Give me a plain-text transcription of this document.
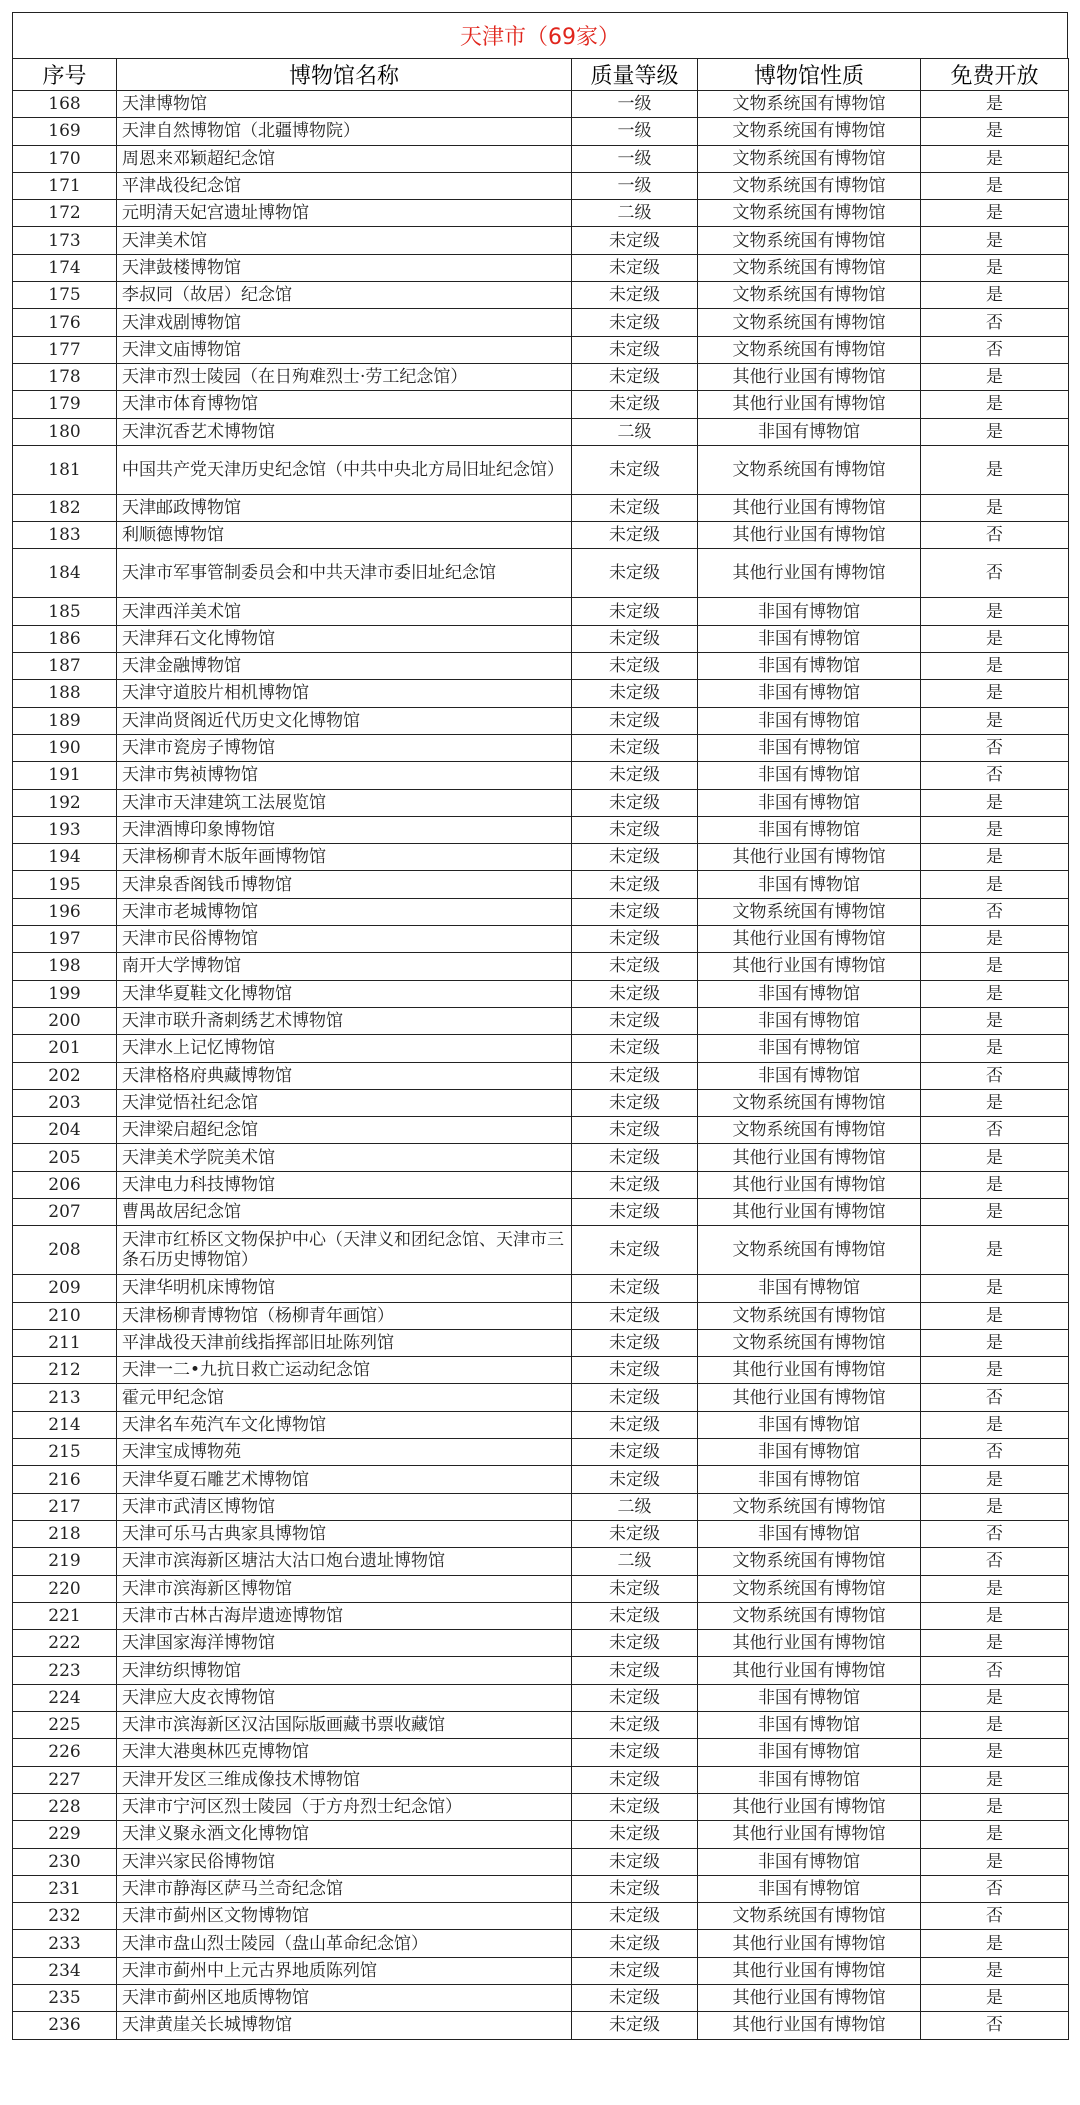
天津市（69家）
序号	博物馆名称	质量等级	博物馆性质	免费开放
168	天津博物馆	一级	文物系统国有博物馆	是
169	天津自然博物馆（北疆博物院）	一级	文物系统国有博物馆	是
170	周恩来邓颖超纪念馆	一级	文物系统国有博物馆	是
171	平津战役纪念馆	一级	文物系统国有博物馆	是
172	元明清天妃宫遗址博物馆	二级	文物系统国有博物馆	是
173	天津美术馆	未定级	文物系统国有博物馆	是
174	天津鼓楼博物馆	未定级	文物系统国有博物馆	是
175	李叔同（故居）纪念馆	未定级	文物系统国有博物馆	是
176	天津戏剧博物馆	未定级	文物系统国有博物馆	否
177	天津文庙博物馆	未定级	文物系统国有博物馆	否
178	天津市烈士陵园（在日殉难烈士·劳工纪念馆）	未定级	其他行业国有博物馆	是
179	天津市体育博物馆	未定级	其他行业国有博物馆	是
180	天津沉香艺术博物馆	二级	非国有博物馆	是
181	中国共产党天津历史纪念馆（中共中央北方局旧址纪念馆）	未定级	文物系统国有博物馆	是
182	天津邮政博物馆	未定级	其他行业国有博物馆	是
183	利顺德博物馆	未定级	其他行业国有博物馆	否
184	天津市军事管制委员会和中共天津市委旧址纪念馆	未定级	其他行业国有博物馆	否
185	天津西洋美术馆	未定级	非国有博物馆	是
186	天津拜石文化博物馆	未定级	非国有博物馆	是
187	天津金融博物馆	未定级	非国有博物馆	是
188	天津守道胶片相机博物馆	未定级	非国有博物馆	是
189	天津尚贤阁近代历史文化博物馆	未定级	非国有博物馆	是
190	天津市瓷房子博物馆	未定级	非国有博物馆	否
191	天津市隽祯博物馆	未定级	非国有博物馆	否
192	天津市天津建筑工法展览馆	未定级	非国有博物馆	是
193	天津酒博印象博物馆	未定级	非国有博物馆	是
194	天津杨柳青木版年画博物馆	未定级	其他行业国有博物馆	是
195	天津泉香阁钱币博物馆	未定级	非国有博物馆	是
196	天津市老城博物馆	未定级	文物系统国有博物馆	否
197	天津市民俗博物馆	未定级	其他行业国有博物馆	是
198	南开大学博物馆	未定级	其他行业国有博物馆	是
199	天津华夏鞋文化博物馆	未定级	非国有博物馆	是
200	天津市联升斋刺绣艺术博物馆	未定级	非国有博物馆	是
201	天津水上记忆博物馆	未定级	非国有博物馆	是
202	天津格格府典藏博物馆	未定级	非国有博物馆	否
203	天津觉悟社纪念馆	未定级	文物系统国有博物馆	是
204	天津梁启超纪念馆	未定级	文物系统国有博物馆	否
205	天津美术学院美术馆	未定级	其他行业国有博物馆	是
206	天津电力科技博物馆	未定级	其他行业国有博物馆	是
207	曹禺故居纪念馆	未定级	其他行业国有博物馆	是
208	天津市红桥区文物保护中心（天津义和团纪念馆、天津市三条石历史博物馆）	未定级	文物系统国有博物馆	是
209	天津华明机床博物馆	未定级	非国有博物馆	是
210	天津杨柳青博物馆（杨柳青年画馆）	未定级	文物系统国有博物馆	是
211	平津战役天津前线指挥部旧址陈列馆	未定级	文物系统国有博物馆	是
212	天津一二•九抗日救亡运动纪念馆	未定级	其他行业国有博物馆	是
213	霍元甲纪念馆	未定级	其他行业国有博物馆	否
214	天津名车苑汽车文化博物馆	未定级	非国有博物馆	是
215	天津宝成博物苑	未定级	非国有博物馆	否
216	天津华夏石雕艺术博物馆	未定级	非国有博物馆	是
217	天津市武清区博物馆	二级	文物系统国有博物馆	是
218	天津可乐马古典家具博物馆	未定级	非国有博物馆	否
219	天津市滨海新区塘沽大沽口炮台遗址博物馆	二级	文物系统国有博物馆	否
220	天津市滨海新区博物馆	未定级	文物系统国有博物馆	是
221	天津市古林古海岸遗迹博物馆	未定级	文物系统国有博物馆	是
222	天津国家海洋博物馆	未定级	其他行业国有博物馆	是
223	天津纺织博物馆	未定级	其他行业国有博物馆	否
224	天津应大皮衣博物馆	未定级	非国有博物馆	是
225	天津市滨海新区汉沽国际版画藏书票收藏馆	未定级	非国有博物馆	是
226	天津大港奥林匹克博物馆	未定级	非国有博物馆	是
227	天津开发区三维成像技术博物馆	未定级	非国有博物馆	是
228	天津市宁河区烈士陵园（于方舟烈士纪念馆）	未定级	其他行业国有博物馆	是
229	天津义聚永酒文化博物馆	未定级	其他行业国有博物馆	是
230	天津兴家民俗博物馆	未定级	非国有博物馆	是
231	天津市静海区萨马兰奇纪念馆	未定级	非国有博物馆	否
232	天津市蓟州区文物博物馆	未定级	文物系统国有博物馆	否
233	天津市盘山烈士陵园（盘山革命纪念馆）	未定级	其他行业国有博物馆	是
234	天津市蓟州中上元古界地质陈列馆	未定级	其他行业国有博物馆	是
235	天津市蓟州区地质博物馆	未定级	其他行业国有博物馆	是
236	天津黄崖关长城博物馆	未定级	其他行业国有博物馆	否
